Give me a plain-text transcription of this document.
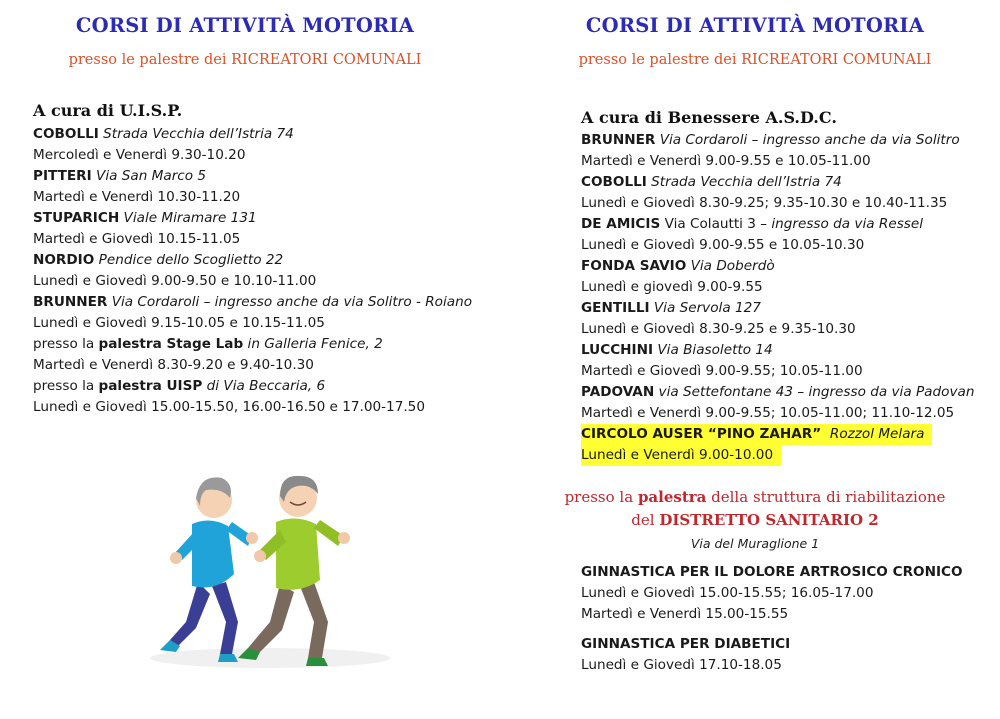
CORSI DI ATTIVITÀ MOTORIA
presso le palestre dei RICREATORI COMUNALI
A cura di U.I.S.P.
COBOLLI Strada Vecchia dell’Istria 74
Mercoledì e Venerdì 9.30-10.20
PITTERI Via San Marco 5
Martedì e Venerdì 10.30-11.20
STUPARICH Viale Miramare 131
Martedì e Giovedì 10.15-11.05
NORDIO Pendice dello Scoglietto 22
Lunedì e Giovedì 9.00-9.50 e 10.10-11.00
BRUNNER Via Cordaroli – ingresso anche da via Solitro - Roiano
Lunedì e Giovedì 9.15-10.05 e 10.15-11.05
presso la palestra Stage Lab in Galleria Fenice, 2
Martedì e Venerdì 8.30-9.20 e 9.40-10.30
presso la palestra UISP di Via Beccaria, 6
Lunedì e Giovedì 15.00-15.50, 16.00-16.50 e 17.00-17.50
CORSI DI ATTIVITÀ MOTORIA
presso le palestre dei RICREATORI COMUNALI
A cura di Benessere A.S.D.C.
BRUNNER Via Cordaroli – ingresso anche da via Solitro
Martedì e Venerdì 9.00-9.55 e 10.05-11.00
COBOLLI Strada Vecchia dell’Istria 74
Lunedì e Giovedì 8.30-9.25; 9.35-10.30 e 10.40-11.35
DE AMICIS Via Colautti 3 – ingresso da via Ressel
Lunedì e Giovedì 9.00-9.55 e 10.05-10.30
FONDA SAVIO Via Doberdò
Lunedì e giovedì 9.00-9.55
GENTILLI Via Servola 127
Lunedì e Giovedì 8.30-9.25 e 9.35-10.30
LUCCHINI Via Biasoletto 14
Martedì e Giovedì 9.00-9.55; 10.05-11.00
PADOVAN via Settefontane 43 – ingresso da via Padovan
Martedì e Venerdì 9.00-9.55; 10.05-11.00; 11.10-12.05
CIRCOLO AUSER “PINO ZAHAR” Rozzol Melara
Lunedì e Venerdì 9.00-10.00
presso la palestra della struttura di riabilitazione
del DISTRETTO SANITARIO 2
Via del Muraglione 1
GINNASTICA PER IL DOLORE ARTROSICO CRONICO
Lunedì e Giovedì 15.00-15.55; 16.05-17.00
Martedì e Venerdì 15.00-15.55
GINNASTICA PER DIABETICI
Lunedì e Giovedì 17.10-18.05
